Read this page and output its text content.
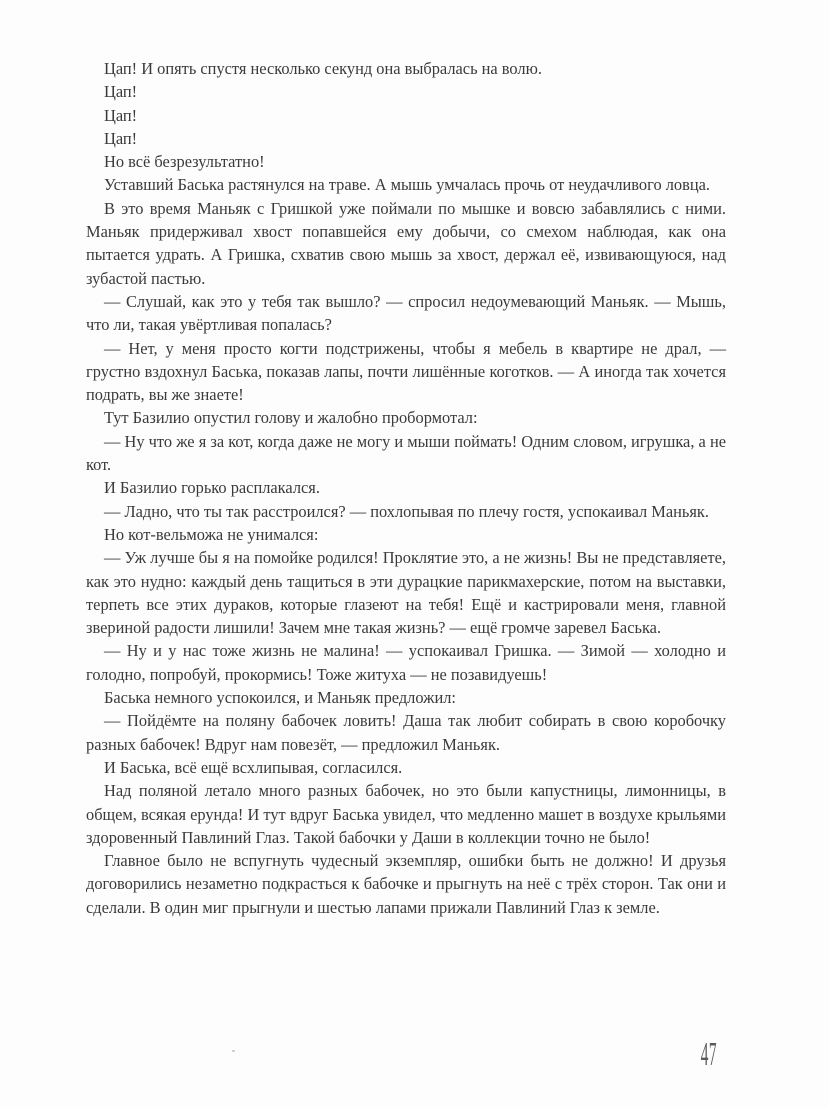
Цап! И опять спустя несколько секунд она выбралась на волю.

Цап!

Цап!

Цап!

Но всё безрезультатно!

Уставший Баська растянулся на траве. А мышь умчалась прочь от неудачливого ловца.

В это время Маньяк с Гришкой уже поймали по мышке и вовсю забавлялись с ними. Маньяк придерживал хвост попавшейся ему добычи, со смехом наблюдая, как она пытается удрать. А Гришка, схватив свою мышь за хвост, держал её, извивающуюся, над зубастой пастью.

— Слушай, как это у тебя так вышло? — спросил недоумевающий Маньяк. — Мышь, что ли, такая увёртливая попалась?

— Нет, у меня просто когти подстрижены, чтобы я мебель в квартире не драл, — грустно вздохнул Баська, показав лапы, почти лишённые коготков. — А иногда так хочется подрать, вы же знаете!

Тут Базилио опустил голову и жалобно пробормотал:

— Ну что же я за кот, когда даже не могу и мыши поймать! Одним словом, игрушка, а не кот.

И Базилио горько расплакался.

— Ладно, что ты так расстроился? — похлопывая по плечу гостя, успокаивал Маньяк.

Но кот-вельможа не унимался:

— Уж лучше бы я на помойке родился! Проклятие это, а не жизнь! Вы не представляете, как это нудно: каждый день тащиться в эти дурацкие парикмахерские, потом на выставки, терпеть все этих дураков, которые глазеют на тебя! Ещё и кастрировали меня, главной звериной радости лишили! Зачем мне такая жизнь? — ещё громче заревел Баська.

— Ну и у нас тоже жизнь не малина! — успокаивал Гришка. — Зимой — холодно и голодно, попробуй, прокормись! Тоже житуха — не позавидуешь!

Баська немного успокоился, и Маньяк предложил:

— Пойдёмте на поляну бабочек ловить! Даша так любит собирать в свою коробочку разных бабочек! Вдруг нам повезёт, — предложил Маньяк.

И Баська, всё ещё всхлипывая, согласился.

Над поляной летало много разных бабочек, но это были капустницы, лимонницы, в общем, всякая ерунда! И тут вдруг Баська увидел, что медленно машет в воздухе крыльями здоровенный Павлиний Глаз. Такой бабочки у Даши в коллекции точно не было!

Главное было не вспугнуть чудесный экземпляр, ошибки быть не должно! И друзья договорились незаметно подкрасться к бабочке и прыгнуть на неё с трёх сторон. Так они и сделали. В один миг прыгнули и шестью лапами прижали Павлиний Глаз к земле.

47
